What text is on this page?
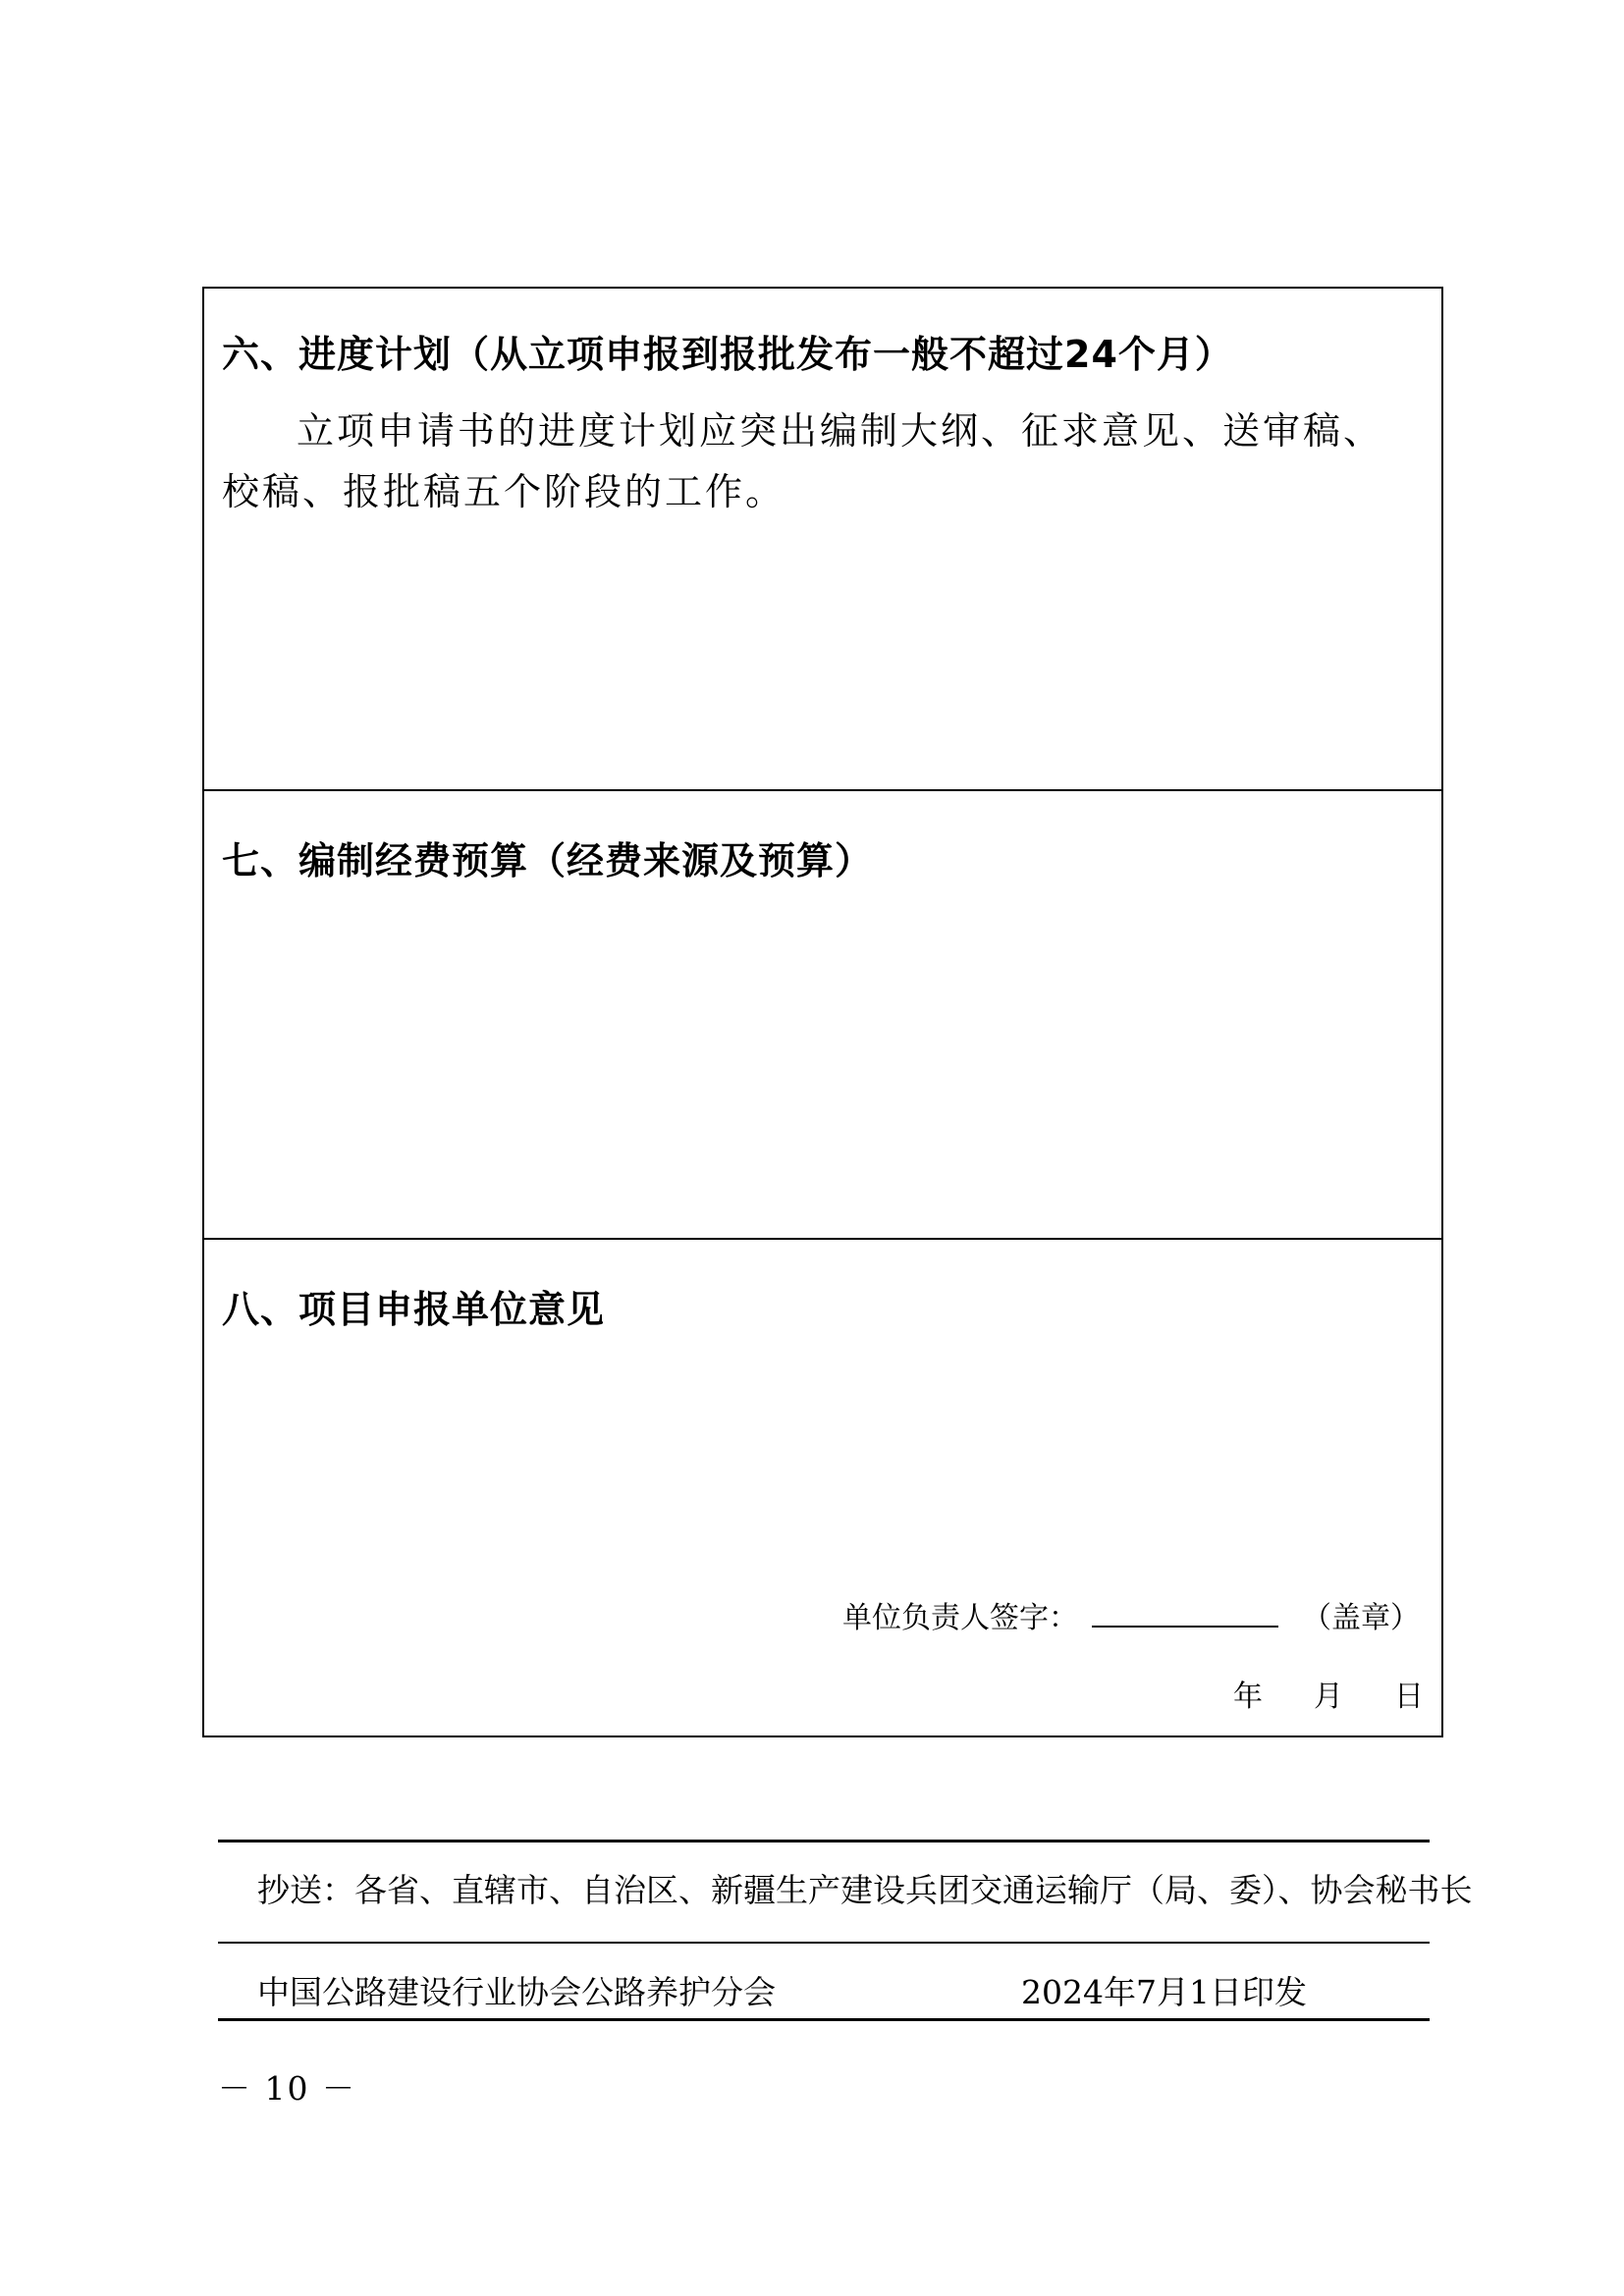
六、进度计划（从立项申报到报批发布一般不超过24个月）
立项申请书的进度计划应突出编制大纲、征求意见、送审稿、校稿、报批稿五个阶段的工作。
七、编制经费预算（经费来源及预算）
八、项目申报单位意见
单位负责人签字：	（盖章）
年 月 日
抄送：各省、直辖市、自治区、新疆生产建设兵团交通运输厅（局、委）、协会秘书长
中国公路建设行业协会公路养护分会	2024年7月1日印发
－ 10 －
